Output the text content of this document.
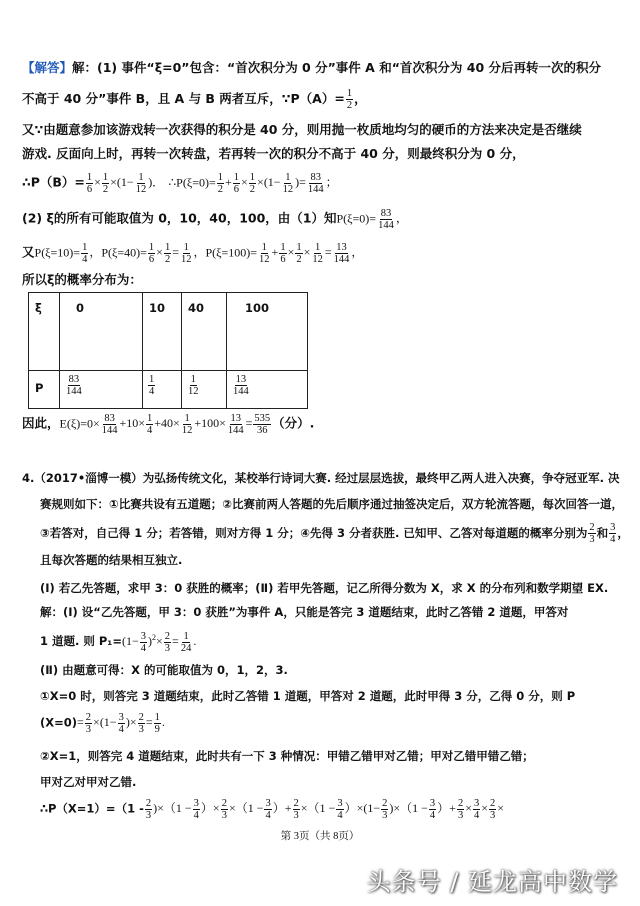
【解答】解：(1) 事件“ξ=0”包含：“首次积分为 0 分”事件 A 和“首次积分为 40 分后再转一次的积分
不高于 40 分”事件 B，且 A 与 B 两者互斥，∵P（A）= $\frac{1}{2}$ ，
又∵由题意参加该游戏转一次获得的积分是 40 分，则用抛一枚质地均匀的硬币的方法来决定是否继续
游戏. 反面向上时，再转一次转盘，若再转一次的积分不高于 40 分，则最终积分为 0 分，
∴P（B）= $\frac{1}{6} \times \frac{1}{2} \times(1- \frac{1}{12}$ )． ∴P(ξ=0)= $\frac{1}{2} + \frac{1}{6} \times \frac{1}{2} \times(1- \frac{1}{12}$ )= $\frac{83}{144}$ ；
(2) ξ的所有可能取值为 0，10，40，100，由（1）知$P(\xi=0)= \frac{83}{144}$ ，
又$P(\xi=10)= \frac{1}{4}$ ，$P(\xi=40)= \frac{1}{6} \times \frac{1}{2} = \frac{1}{12}$ ，$P(\xi=100)= \frac{1}{12} + \frac{1}{6} \times \frac{1}{2} \times \frac{1}{12} = \frac{13}{144}$ ，
所以ξ的概率分布为：
ξ	0	10	40	100
P	$\frac{83}{144}$	$\frac{1}{4}$	$\frac{1}{12}$	$\frac{13}{144}$
因此，$E(\xi)=0\times \frac{83}{144} +10\times \frac{1}{4} +40\times \frac{1}{12} +100\times \frac{13}{144} = \frac{535}{36}$ （分）.
4.（2017•淄博一模）为弘扬传统文化，某校举行诗词大赛. 经过层层选拔，最终甲乙两人进入决赛，争夺冠亚军. 决
赛规则如下：①比赛共设有五道题；②比赛前两人答题的先后顺序通过抽签决定后，双方轮流答题，每次回答一道，
③若答对，自己得 1 分；若答错，则对方得 1 分；④先得 3 分者获胜. 已知甲、乙答对每道题的概率分别为 $\frac{2}{3}$ 和 $\frac{3}{4}$ ，
且每次答题的结果相互独立.
(Ⅰ) 若乙先答题，求甲 3：0 获胜的概率；(Ⅱ) 若甲先答题，记乙所得分数为 X，求 X 的分布列和数学期望 EX.
解：(Ⅰ) 设“乙先答题，甲 3：0 获胜”为事件 A，只能是答完 3 道题结束，此时乙答错 2 道题，甲答对
1 道题. 则 $P_1=(1- \frac{3}{4} )^2\times \frac{2}{3} = \frac{1}{24}$ .
(Ⅱ) 由题意可得：X 的可能取值为 0，1，2，3.
①X=0 时，则答完 3 道题结束，此时乙答错 1 道题，甲答对 2 道题，此时甲得 3 分，乙得 0 分，则 P
$(X=0)= \frac{2}{3} \times(1- \frac{3}{4}$ )× $\frac{2}{3} = \frac{1}{9}$ .
②X=1，则答完 4 道题结束，此时共有一下 3 种情况：甲错乙错甲对乙错；甲对乙错甲错乙错；
甲对乙对甲对乙错.
∴P（X=1）=（1 - $\frac{2}{3} )\times(1 - \frac{3}{4}$ ）× $\frac{2}{3} \times(1 - \frac{3}{4}$ ）+ $\frac{2}{3} \times(1 - \frac{3}{4} )\times(1- \frac{2}{3} )\times(1 - \frac{3}{4}$ ）+ $\frac{2}{3} \times \frac{3}{4} \times \frac{2}{3}$ ×
第 3页（共 8页）
头条号 / 延龙高中数学
